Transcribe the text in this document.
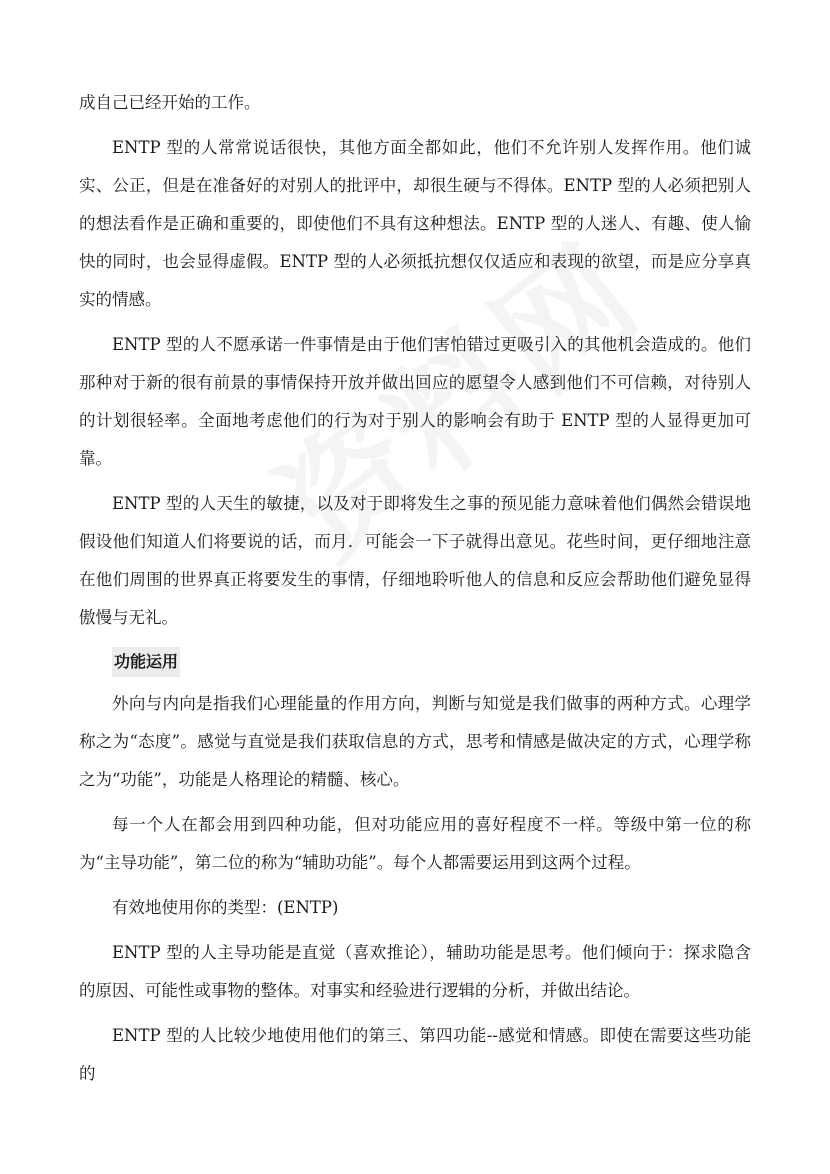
成自己已经开始的工作。

ENTP 型的人常常说话很快，其他方面全都如此，他们不允许别人发挥作用。他们诚实、公正，但是在准备好的对别人的批评中，却很生硬与不得体。ENTP 型的人必须把别人的想法看作是正确和重要的，即使他们不具有这种想法。ENTP 型的人迷人、有趣、使人愉快的同时，也会显得虚假。ENTP 型的人必须抵抗想仅仅适应和表现的欲望，而是应分享真实的情感。

ENTP 型的人不愿承诺一件事情是由于他们害怕错过更吸引入的其他机会造成的。他们那种对于新的很有前景的事情保持开放并做出回应的愿望令人感到他们不可信赖，对待别人的计划很轻率。全面地考虑他们的行为对于别人的影响会有助于 ENTP 型的人显得更加可靠。

ENTP 型的人天生的敏捷，以及对于即将发生之事的预见能力意味着他们偶然会错误地假设他们知道人们将要说的话，而月．可能会一下子就得出意见。花些时间，更仔细地注意在他们周围的世界真正将要发生的事情，仔细地聆听他人的信息和反应会帮助他们避免显得傲慢与无礼。

功能运用

外向与内向是指我们心理能量的作用方向，判断与知觉是我们做事的两种方式。心理学称之为“态度”。感觉与直觉是我们获取信息的方式，思考和情感是做决定的方式，心理学称之为“功能”，功能是人格理论的精髓、核心。

每一个人在都会用到四种功能，但对功能应用的喜好程度不一样。等级中第一位的称为“主导功能”，第二位的称为“辅助功能”。每个人都需要运用到这两个过程。

有效地使用你的类型：(ENTP)

ENTP 型的人主导功能是直觉（喜欢推论），辅助功能是思考。他们倾向于：探求隐含的原因、可能性或事物的整体。对事实和经验进行逻辑的分析，并做出结论。

ENTP 型的人比较少地使用他们的第三、第四功能--感觉和情感。即使在需要这些功能的
